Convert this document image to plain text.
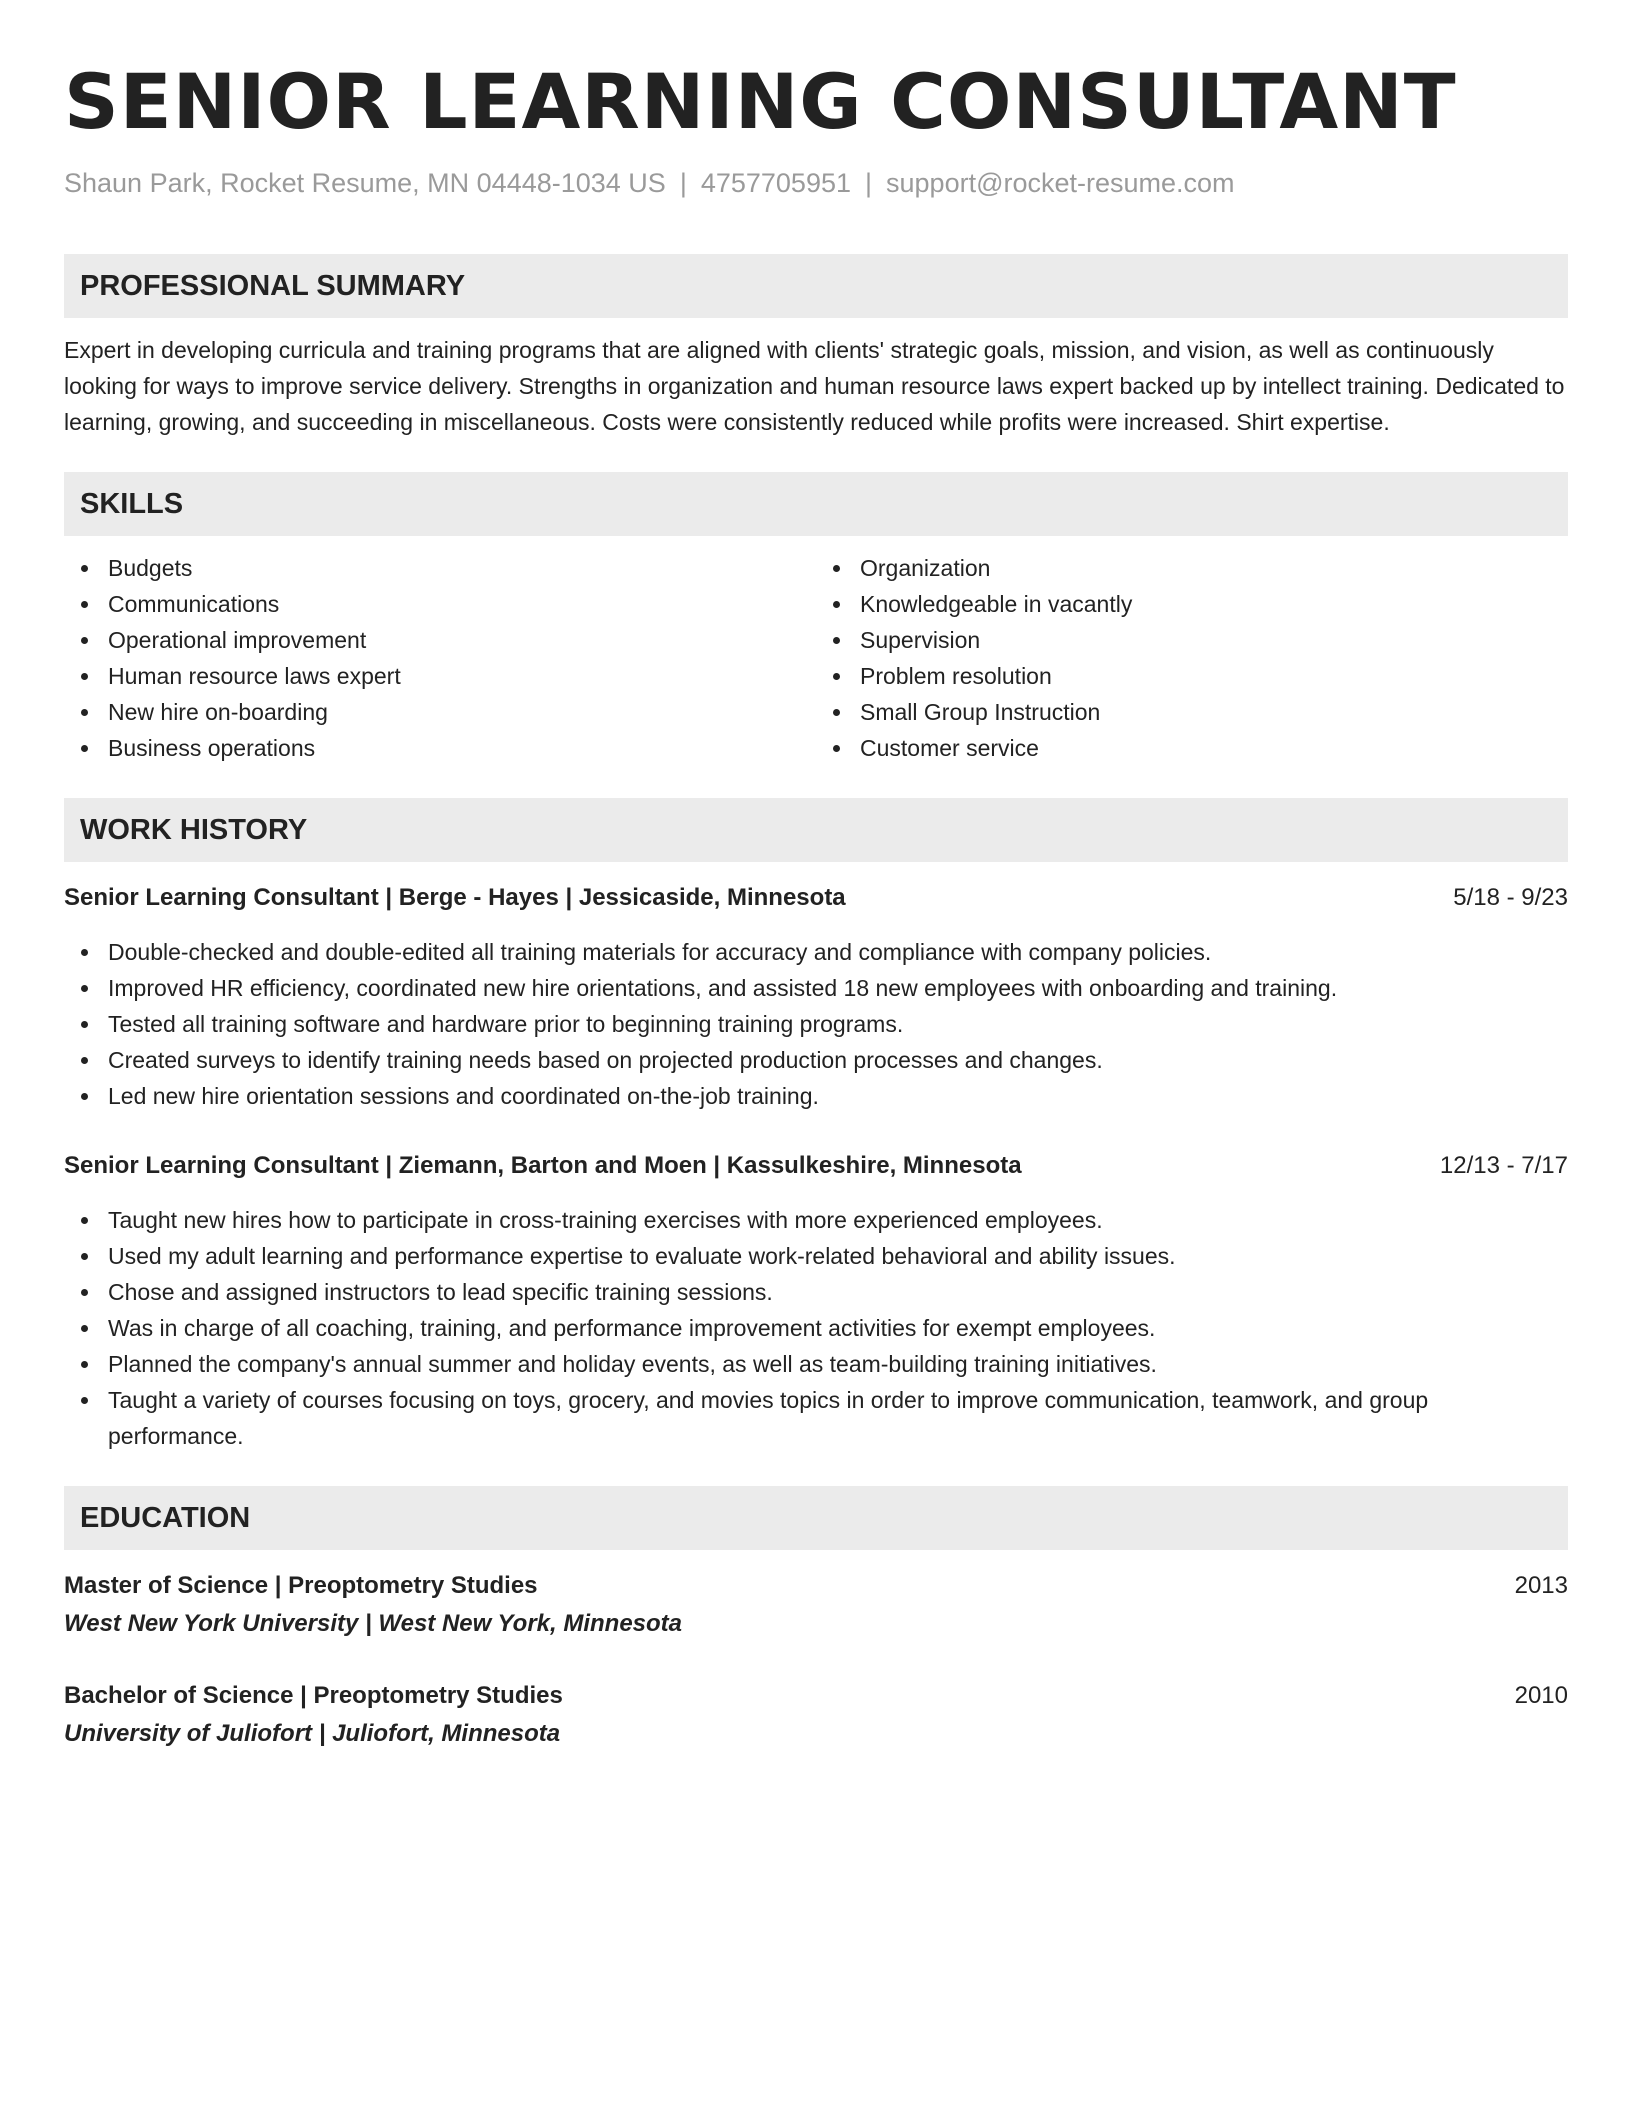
SENIOR LEARNING CONSULTANT
Shaun Park, Rocket Resume, MN 04448-1034 US | 4757705951 | support@rocket-resume.com
PROFESSIONAL SUMMARY
Expert in developing curricula and training programs that are aligned with clients' strategic goals, mission, and vision, as well as continuously looking for ways to improve service delivery. Strengths in organization and human resource laws expert backed up by intellect training. Dedicated to learning, growing, and succeeding in miscellaneous. Costs were consistently reduced while profits were increased. Shirt expertise.
SKILLS
Budgets
Communications
Operational improvement
Human resource laws expert
New hire on-boarding
Business operations
Organization
Knowledgeable in vacantly
Supervision
Problem resolution
Small Group Instruction
Customer service
WORK HISTORY
Senior Learning Consultant | Berge - Hayes | Jessicaside, Minnesota	5/18 - 9/23
Double-checked and double-edited all training materials for accuracy and compliance with company policies.
Improved HR efficiency, coordinated new hire orientations, and assisted 18 new employees with onboarding and training.
Tested all training software and hardware prior to beginning training programs.
Created surveys to identify training needs based on projected production processes and changes.
Led new hire orientation sessions and coordinated on-the-job training.
Senior Learning Consultant | Ziemann, Barton and Moen | Kassulkeshire, Minnesota	12/13 - 7/17
Taught new hires how to participate in cross-training exercises with more experienced employees.
Used my adult learning and performance expertise to evaluate work-related behavioral and ability issues.
Chose and assigned instructors to lead specific training sessions.
Was in charge of all coaching, training, and performance improvement activities for exempt employees.
Planned the company's annual summer and holiday events, as well as team-building training initiatives.
Taught a variety of courses focusing on toys, grocery, and movies topics in order to improve communication, teamwork, and group performance.
EDUCATION
Master of Science | Preoptometry Studies	2013
West New York University | West New York, Minnesota
Bachelor of Science | Preoptometry Studies	2010
University of Juliofort | Juliofort, Minnesota
